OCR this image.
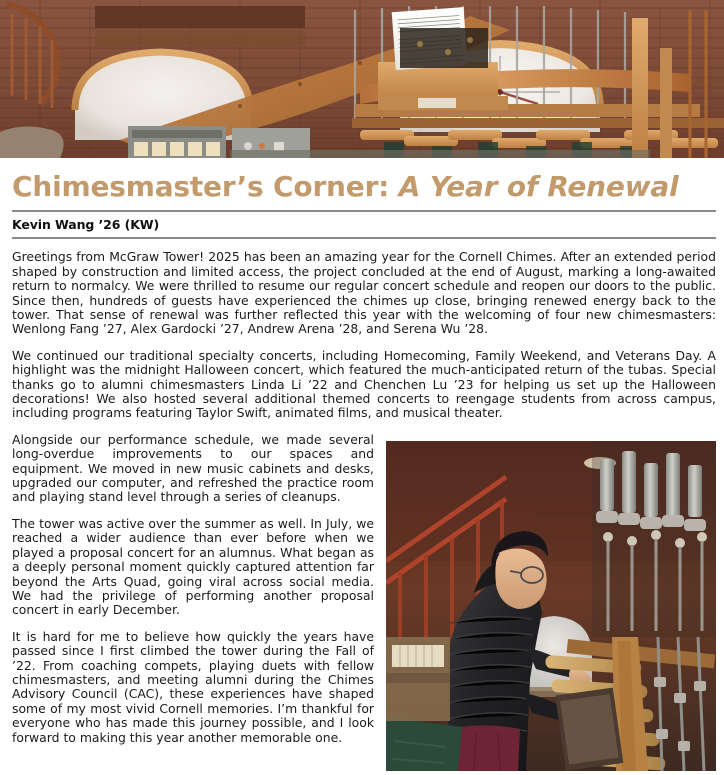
Chimesmaster’s Corner: A Year of Renewal
Kevin Wang ’26 (KW)

Greetings from McGraw Tower! 2025 has been an amazing year for the Cornell Chimes. After an extended period shaped by construction and limited access, the project concluded at the end of August, marking a long-awaited return to normalcy. We were thrilled to resume our regular concert schedule and reopen our doors to the public. Since then, hundreds of guests have experienced the chimes up close, bringing renewed energy back to the tower. That sense of renewal was further reflected this year with the welcoming of four new chimesmasters: Wenlong Fang ’27, Alex Gardocki ’27, Andrew Arena ’28, and Serena Wu ’28.

We continued our traditional specialty concerts, including Homecoming, Family Weekend, and Veterans Day. A highlight was the midnight Halloween concert, which featured the much-anticipated return of the tubas. Special thanks go to alumni chimesmasters Linda Li ’22 and Chenchen Lu ’23 for helping us set up the Halloween decorations! We also hosted several additional themed concerts to reengage students from across campus, including programs featuring Taylor Swift, animated films, and musical theater.

Alongside our performance schedule, we made several long-overdue improvements to our spaces and equipment. We moved in new music cabinets and desks, upgraded our computer, and refreshed the practice room and playing stand level through a series of cleanups.

The tower was active over the summer as well. In July, we reached a wider audience than ever before when we played a proposal concert for an alumnus. What began as a deeply personal moment quickly captured attention far beyond the Arts Quad, going viral across social media. We had the privilege of performing another proposal concert in early December.

It is hard for me to believe how quickly the years have passed since I first climbed the tower during the Fall of ’22. From coaching compets, playing duets with fellow chimesmasters, and meeting alumni during the Chimes Advisory Council (CAC), these experiences have shaped some of my most vivid Cornell memories. I’m thankful for everyone who has made this journey possible, and I look forward to making this year another memorable one.
